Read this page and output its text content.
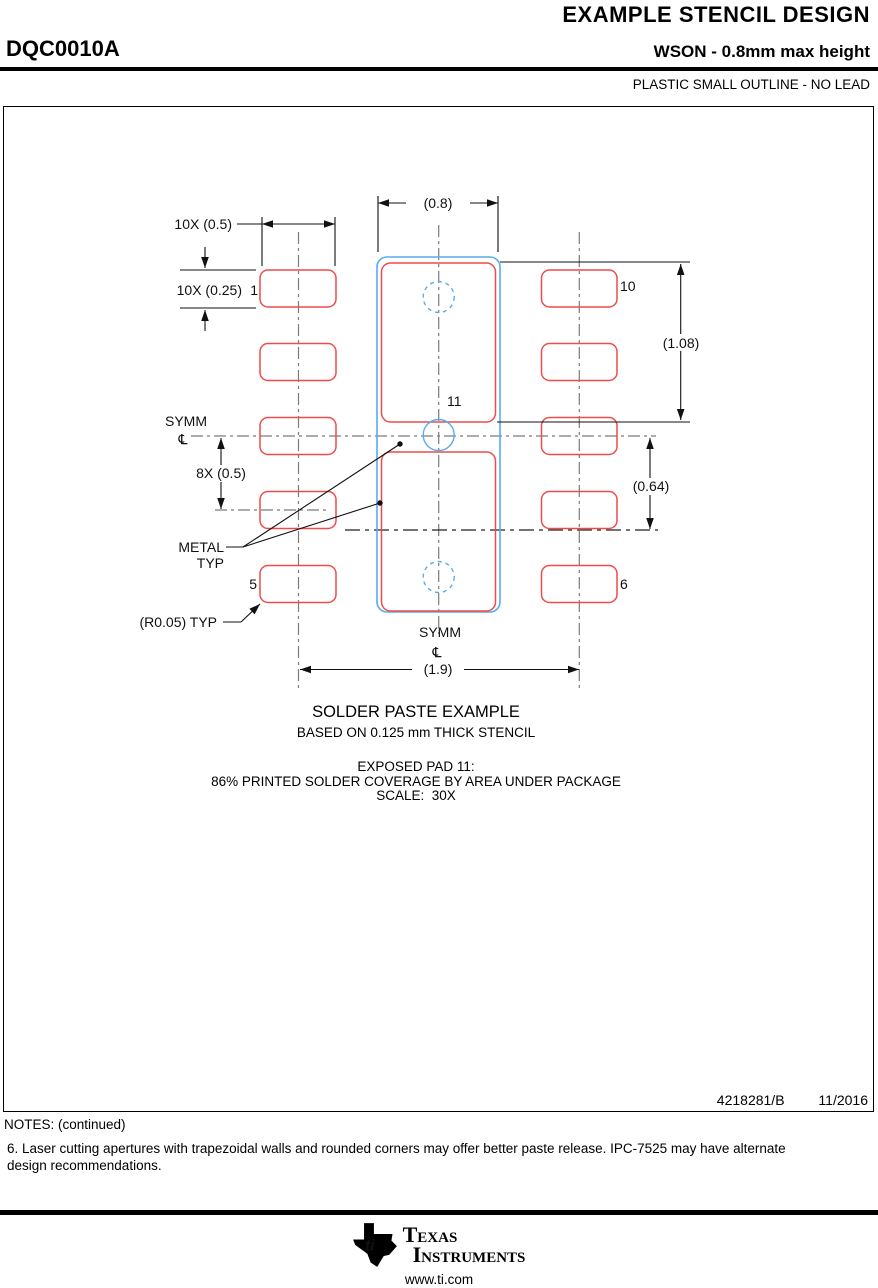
EXAMPLE STENCIL DESIGN
DQC0010A	WSON - 0.8mm max height
PLASTIC SMALL OUTLINE - NO LEAD
(0.8)
10X (0.5)
10X (0.25) 1	10
(1.08)
(0.64)
8X (0.5)
(1.9)
SYMM
℄
SYMM
℄
11
METAL
TYP
(R0.05) TYP
5	6
SOLDER PASTE EXAMPLE
BASED ON 0.125 mm THICK STENCIL
EXPOSED PAD 11:
86% PRINTED SOLDER COVERAGE BY AREA UNDER PACKAGE
SCALE:  30X
4218281/B 11/2016
NOTES: (continued)
6. Laser cutting apertures with trapezoidal walls and rounded corners may offer better paste release. IPC-7525 may have alternate design recommendations.
ti Texas
Instruments
www.ti.com
